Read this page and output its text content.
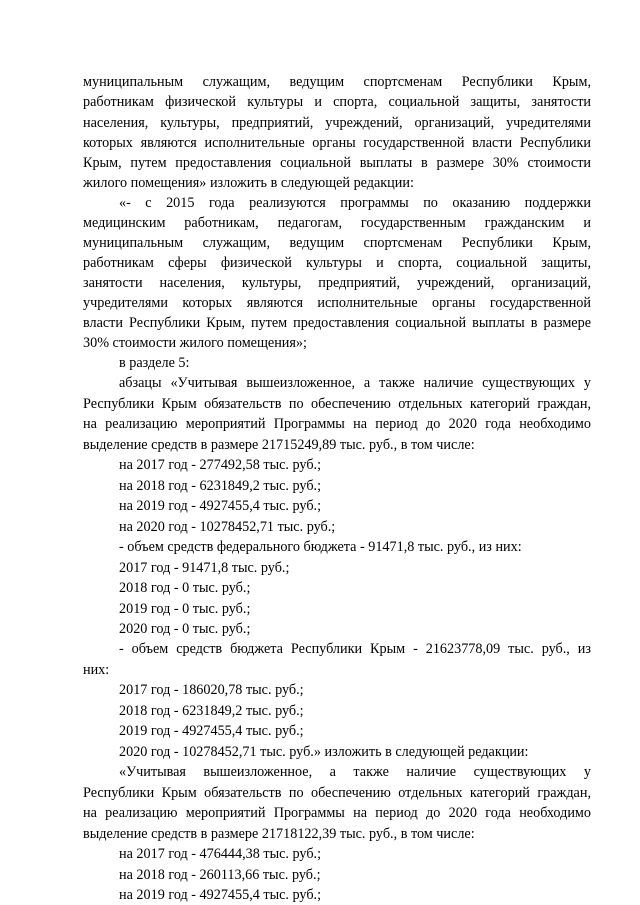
муниципальным служащим, ведущим спортсменам Республики Крым,
работникам физической культуры и спорта, социальной защиты, занятости
населения, культуры, предприятий, учреждений, организаций, учредителями
которых являются исполнительные органы государственной власти Республики
Крым, путем предоставления социальной выплаты в размере 30% стоимости
жилого помещения» изложить в следующей редакции:
«- с 2015 года реализуются программы по оказанию поддержки
медицинским работникам, педагогам, государственным гражданским и
муниципальным служащим, ведущим спортсменам Республики Крым,
работникам сферы физической культуры и спорта, социальной защиты,
занятости населения, культуры, предприятий, учреждений, организаций,
учредителями которых являются исполнительные органы государственной
власти Республики Крым, путем предоставления социальной выплаты в размере
30% стоимости жилого помещения»;
в разделе 5:
абзацы «Учитывая вышеизложенное, а также наличие существующих у
Республики Крым обязательств по обеспечению отдельных категорий граждан,
на реализацию мероприятий Программы на период до 2020 года необходимо
выделение средств в размере 21715249,89 тыс. руб., в том числе:
на 2017 год - 277492,58 тыс. руб.;
на 2018 год - 6231849,2 тыс. руб.;
на 2019 год - 4927455,4 тыс. руб.;
на 2020 год - 10278452,71 тыс. руб.;
- объем средств федерального бюджета - 91471,8 тыс. руб., из них:
2017 год - 91471,8 тыс. руб.;
2018 год - 0 тыс. руб.;
2019 год - 0 тыс. руб.;
2020 год - 0 тыс. руб.;
- объем средств бюджета Республики Крым - 21623778,09 тыс. руб., из
них:
2017 год - 186020,78 тыс. руб.;
2018 год - 6231849,2 тыс. руб.;
2019 год - 4927455,4 тыс. руб.;
2020 год - 10278452,71 тыс. руб.» изложить в следующей редакции:
«Учитывая вышеизложенное, а также наличие существующих у
Республики Крым обязательств по обеспечению отдельных категорий граждан,
на реализацию мероприятий Программы на период до 2020 года необходимо
выделение средств в размере 21718122,39 тыс. руб., в том числе:
на 2017 год - 476444,38 тыс. руб.;
на 2018 год - 260113,66 тыс. руб.;
на 2019 год - 4927455,4 тыс. руб.;
